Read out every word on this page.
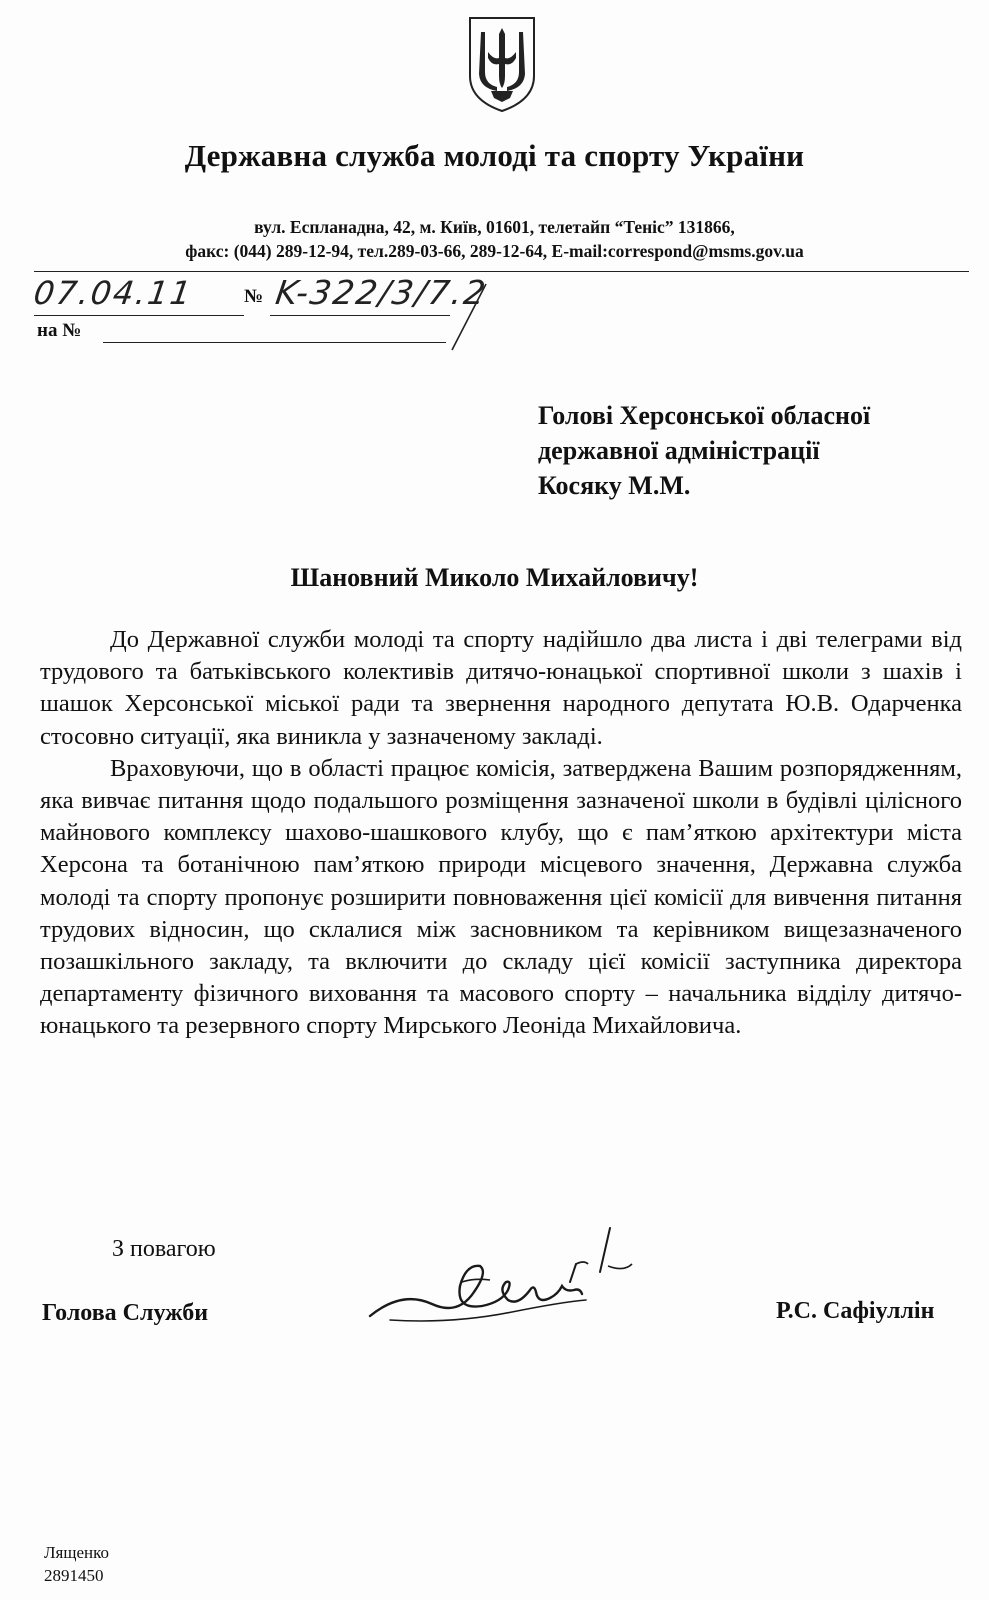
Державна служба молоді та спорту України
вул. Еспланадна, 42, м. Київ, 01601, телетайп “Теніс” 131866,
факс: (044) 289-12-94, тел.289-03-66, 289-12-64, E-mail:correspond@msms.gov.ua
07.04.11	№ K-322/3/7.2
на №
Голові Херсонської обласної
державної адміністрації
Косяку М.М.
Шановний Миколо Михайловичу!

До Державної служби молоді та спорту надійшло два листа і дві телеграми від трудового та батьківського колективів дитячо-юнацької спортивної школи з шахів і шашок Херсонської міської ради та звернення народного депутата Ю.В. Одарченка стосовно ситуації, яка виникла у зазначеному закладі.

Враховуючи, що в області працює комісія, затверджена Вашим розпорядженням, яка вивчає питання щодо подальшого розміщення зазначеної школи в будівлі цілісного майнового комплексу шахово-шашкового клубу, що є пам’яткою архітектури міста Херсона та ботанічною пам’яткою природи місцевого значення, Державна служба молоді та спорту пропонує розширити повноваження цієї комісії для вивчення питання трудових відносин, що склалися між засновником та керівником вищезазначеного позашкільного закладу, та включити до складу цієї комісії заступника директора департаменту фізичного виховання та масового спорту – начальника відділу дитячо-юнацького та резервного спорту Мирського Леоніда Михайловича.

З повагою
Голова Служби	Р.С. Сафіуллін
Лященко
2891450
